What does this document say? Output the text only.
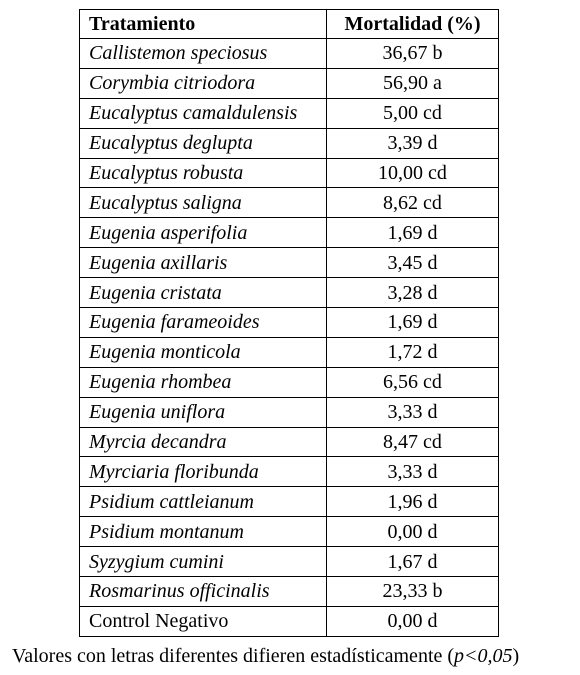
Tratamiento	Mortalidad (%)
Callistemon speciosus	36,67 b
Corymbia citriodora	56,90 a
Eucalyptus camaldulensis	5,00 cd
Eucalyptus deglupta	3,39 d
Eucalyptus robusta	10,00 cd
Eucalyptus saligna	8,62 cd
Eugenia asperifolia	1,69 d
Eugenia axillaris	3,45 d
Eugenia cristata	3,28 d
Eugenia farameoides	1,69 d
Eugenia monticola	1,72 d
Eugenia rhombea	6,56 cd
Eugenia uniflora	3,33 d
Myrcia decandra	8,47 cd
Myrciaria floribunda	3,33 d
Psidium cattleianum	1,96 d
Psidium montanum	0,00 d
Syzygium cumini	1,67 d
Rosmarinus officinalis	23,33 b
Control Negativo	0,00 d
Valores con letras diferentes difieren estadísticamente (p<0,05)
